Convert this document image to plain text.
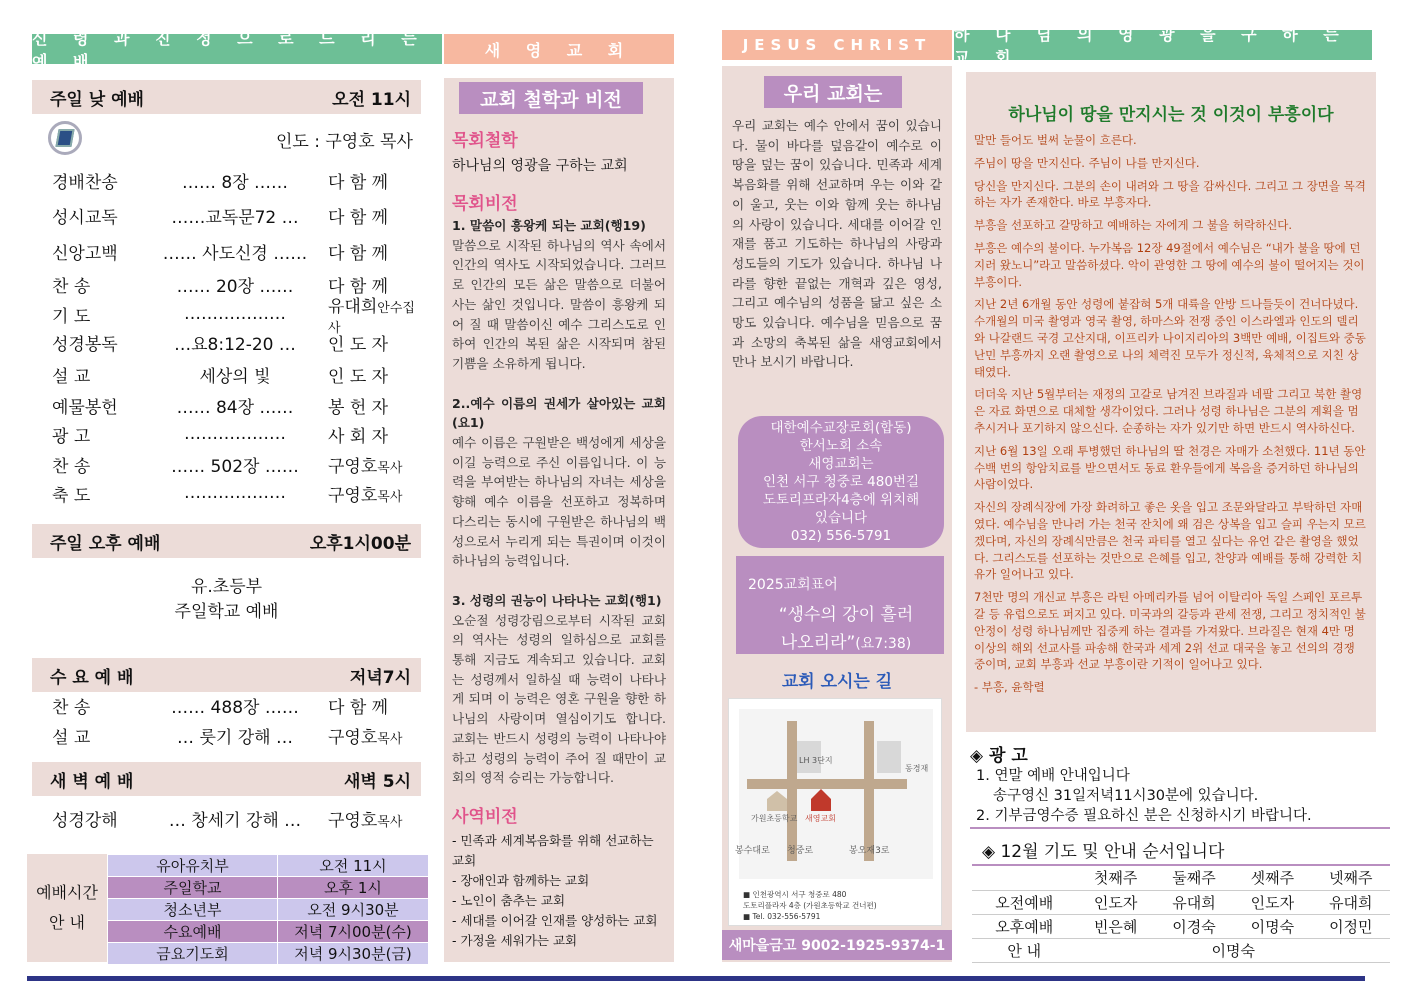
신 령 과 진 정 으 로 드 리 는 예 배
새 영 교 회	JESUS CHRIST
하 나 님 의 영 광 을 구 하 는 교 회
주일 낮 예배	오전 11시
인도 : 구영호 목사
경배찬송	…… 8장 ……	다 함 께
성시교독	……교독문72 …	다 함 께
신앙고백	…… 사도신경 ……	다 함 께
찬 송	…… 20장 ……	다 함 께
기 도	………………	유대희안수집사
성경봉독	…요8:12-20 …	인 도 자
설 교	세상의 빛	인 도 자
예물봉헌	…… 84장 ……	봉 헌 자
광 고	………………	사 회 자
찬 송	…… 502장 ……	구영호목사
축 도	………………	구영호목사
주일 오후 예배	오후1시00분
유.초등부
주일학교 예배
수 요 예 배	저녁7시
찬 송	…… 488장 ……	다 함 께
설 교	… 룻기 강해 …	구영호목사
새 벽 예 배	새벽 5시
성경강해	… 창세기 강해 …	구영호목사
예배시간
안 내
유아유치부	오전 11시
주일학교	오후 1시
청소년부	오전 9시30분
수요예배	저녁 7시00분(수)
금요기도회	저녁 9시30분(금)
교회 철학과 비전
목회철학
하나님의 영광을 구하는 교회
목회비전
1. 말씀이 흥왕케 되는 교회(행19)
말씀으로 시작된 하나님의 역사 속에서 인간의 역사도 시작되었습니다. 그러므로 인간의 모든 삶은 말씀으로 더불어 사는 삶인 것입니다. 말씀이 흥왕케 되어 질 때 말씀이신 예수 그리스도로 인하여 인간의 복된 삶은 시작되며 참된 기쁨을 소유하게 됩니다.
2..예수 이름의 권세가 살아있는 교회(요1)
예수 이름은 구원받은 백성에게 세상을 이길 능력으로 주신 이름입니다. 이 능력을 부여받는 하나님의 자녀는 세상을 향해 예수 이름을 선포하고 정복하며 다스리는 동시에 구원받은 하나님의 백성으로서 누리게 되는 특권이며 이것이 하나님의 능력입니다.
3. 성령의 권능이 나타나는 교회(행1)
오순절 성령강림으로부터 시작된 교회의 역사는 성령의 일하심으로 교회를 통해 지금도 계속되고 있습니다. 교회는 성령께서 일하실 때 능력이 나타나게 되며 이 능력은 영혼 구원을 향한 하나님의 사랑이며 열심이기도 합니다. 교회는 반드시 성령의 능력이 나타나야하고 성령의 능력이 주어 질 때만이 교회의 영적 승리는 가능합니다.
사역비전
- 민족과 세계복음화를 위해 선교하는 교회
- 장애인과 함께하는 교회
- 노인이 춤추는 교회
- 세대를 이어갈 인재를 양성하는 교회
- 가정을 세워가는 교회
우리 교회는
우리 교회는 예수 안에서 꿈이 있습니다. 물이 바다를 덮음같이 예수로 이 땅을 덮는 꿈이 있습니다. 민족과 세계복음화를 위해 선교하며 우는 이와 같이 울고, 웃는 이와 함께 웃는 하나님의 사랑이 있습니다. 세대를 이어갈 인재를 품고 기도하는 하나님의 사랑과 성도들의 기도가 있습니다. 하나님 나라를 향한 끝없는 개혁과 깊은 영성, 그리고 예수님의 성품을 닮고 싶은 소망도 있습니다. 예수님을 믿음으로 꿈과 소망의 축복된 삶을 새영교회에서 만나 보시기 바랍니다.
대한예수교장로회(합동)
한서노회 소속
새영교회는
인천 서구 청중로 480번길
도토리프라자4층에 위치해
있습니다
032) 556-5791
2025교회표어
“생수의 강이 흘러
나오리라”(요7:38)
교회 오시는 길
LH 3단지
동경재
가원초등학교 새영교회
봉수대로 청중로	봉오재3로
■ 인천광역시 서구 청중로 480
도토리플라자 4층 (가원초등학교 건너편)
■ Tel. 032-556-5791
새마을금고 9002-1925-9374-1
하나님이 땅을 만지시는 것 이것이 부흥이다

말만 들어도 벌써 눈물이 흐른다.

주님이 땅을 만지신다. 주님이 나를 만지신다.

당신을 만지신다. 그분의 손이 내려와 그 땅을 감싸신다. 그리고 그 장면을 목격하는 자가 존재한다. 바로 부흥자다.

부흥을 선포하고 갈망하고 예배하는 자에게 그 불을 허락하신다.

부흥은 예수의 불이다. 누가복음 12장 49절에서 예수님은 “내가 불을 땅에 던지러 왔노니”라고 말씀하셨다. 악이 관영한 그 땅에 예수의 불이 떨어지는 것이 부흥이다.

지난 2년 6개월 동안 성령에 붙잡혀 5개 대륙을 안방 드나들듯이 건너다녔다. 수개월의 미국 촬영과 영국 촬영, 하마스와 전쟁 중인 이스라엘과 인도의 델리와 나갈랜드 국경 고산지대, 이프리카 나이지리아의 3백만 예배, 이집트와 중동 난민 부흥까지 오랜 촬영으로 나의 체력진 모두가 정신적, 육체적으로 지친 상태였다.

더더욱 지난 5월부터는 재정의 고갈로 남겨진 브라질과 네팔 그리고 북한 촬영은 자료 화면으로 대체할 생각이었다. 그러나 성령 하나님은 그분의 계획을 멈추시거나 포기하지 않으신다. 순종하는 자가 있기만 하면 반드시 역사하신다.

지난 6월 13일 오래 투병했던 하나님의 딸 천경은 자매가 소천했다. 11년 동안 수백 번의 항암치료를 받으면서도 동료 환우들에게 복음을 증거하던 하나님의 사람이었다.

자신의 장례식장에 가장 화려하고 좋은 옷을 입고 조문와달라고 부탁하던 자매였다. 예수님을 만나러 가는 천국 잔치에 왜 검은 상복을 입고 슬피 우는지 모르겠다며, 자신의 장례식만큼은 천국 파티를 열고 싶다는 유언 같은 촬영을 했었다. 그리스도를 선포하는 것만으로 은혜를 입고, 찬양과 예배를 통해 강력한 치유가 일어나고 있다.

7천만 명의 개신교 부흥은 라틴 아메리카를 넘어 이탈리아 독일 스페인 포르투갈 등 유럽으로도 퍼지고 있다. 미국과의 갈등과 관세 전쟁, 그리고 정치적인 불안정이 성령 하나님께만 집중케 하는 결과를 가져왔다. 브라질은 현재 4만 명 이상의 해외 선교사를 파송해 한국과 세계 2위 선교 대국을 놓고 선의의 경쟁 중이며, 교회 부흥과 선교 부흥이란 기적이 일어나고 있다.

- 부흥, 윤학렬

◈ 광 고
1. 연말 예배 안내입니다
송구영신 31일저녁11시30분에 있습니다.
2. 기부금영수증 필요하신 분은 신청하시기 바랍니다.
◈ 12월 기도 및 안내 순서입니다
	첫째주	둘째주	셋째주	넷째주
오전예배	인도자	유대희	인도자	유대희
오후예배	빈은혜	이경숙	이명숙	이정민
안 내	이명숙			
